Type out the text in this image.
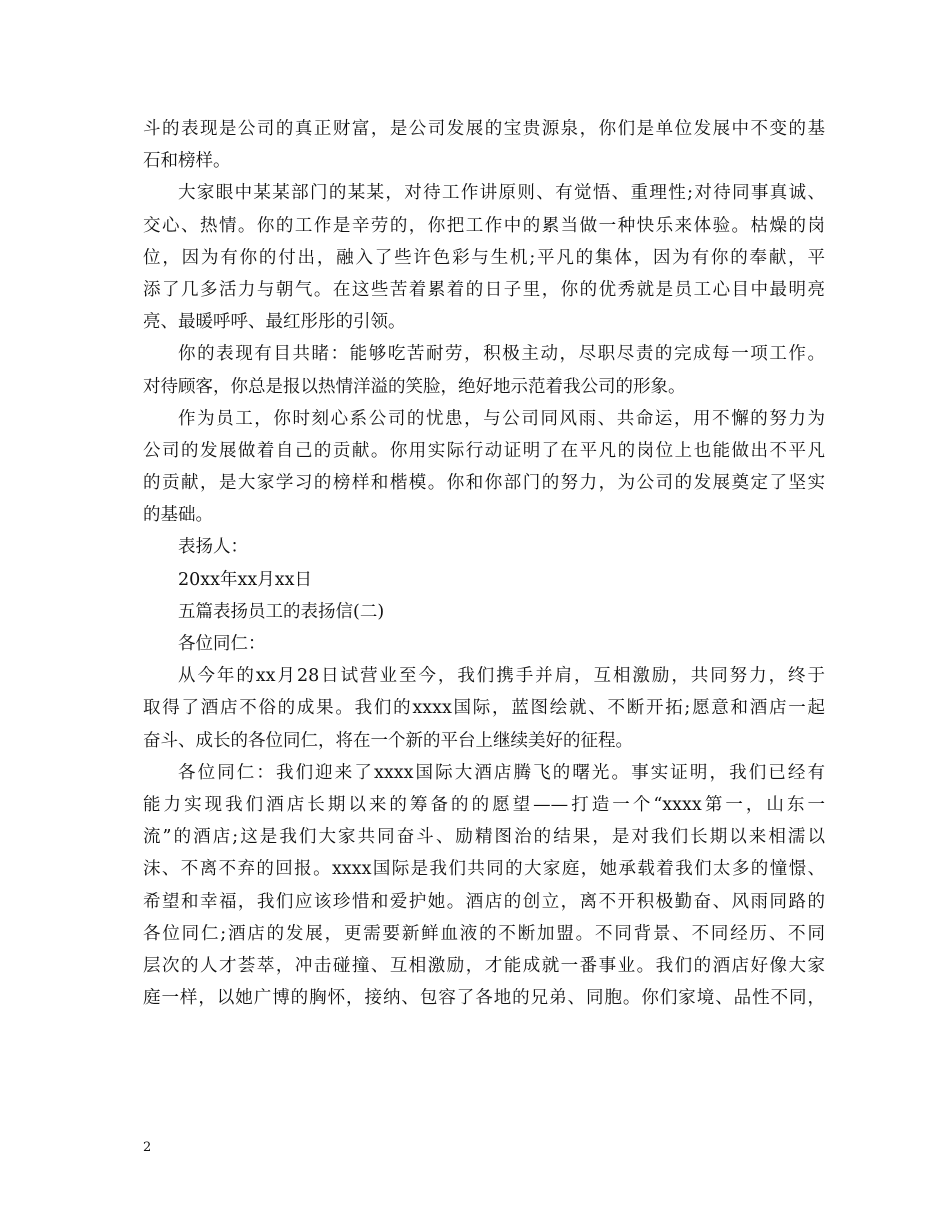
斗的表现是公司的真正财富，是公司发展的宝贵源泉，你们是单位发展中不变的基
石和榜样。
大家眼中某某部门的某某，对待工作讲原则、有觉悟、重理性;对待同事真诚、
交心、热情。你的工作是辛劳的，你把工作中的累当做一种快乐来体验。枯燥的岗
位，因为有你的付出，融入了些许色彩与生机;平凡的集体，因为有你的奉献，平
添了几多活力与朝气。在这些苦着累着的日子里，你的优秀就是员工心目中最明亮
亮、最暖呼呼、最红彤彤的引领。
你的表现有目共睹：能够吃苦耐劳，积极主动，尽职尽责的完成每一项工作。
对待顾客，你总是报以热情洋溢的笑脸，绝好地示范着我公司的形象。
作为员工，你时刻心系公司的忧患，与公司同风雨、共命运，用不懈的努力为
公司的发展做着自己的贡献。你用实际行动证明了在平凡的岗位上也能做出不平凡
的贡献，是大家学习的榜样和楷模。你和你部门的努力，为公司的发展奠定了坚实
的基础。
表扬人：
20xx年xx月xx日
五篇表扬员工的表扬信(二)
各位同仁：
从今年的xx月28日试营业至今，我们携手并肩，互相激励，共同努力，终于
取得了酒店不俗的成果。我们的xxxx国际，蓝图绘就、不断开拓;愿意和酒店一起
奋斗、成长的各位同仁，将在一个新的平台上继续美好的征程。
各位同仁：我们迎来了xxxx国际大酒店腾飞的曙光。事实证明，我们已经有
能力实现我们酒店长期以来的筹备的的愿望——打造一个“xxxx第一，山东一
流”的酒店;这是我们大家共同奋斗、励精图治的结果，是对我们长期以来相濡以
沫、不离不弃的回报。xxxx国际是我们共同的大家庭，她承载着我们太多的憧憬、
希望和幸福，我们应该珍惜和爱护她。酒店的创立，离不开积极勤奋、风雨同路的
各位同仁;酒店的发展，更需要新鲜血液的不断加盟。不同背景、不同经历、不同
层次的人才荟萃，冲击碰撞、互相激励，才能成就一番事业。我们的酒店好像大家
庭一样，以她广博的胸怀，接纳、包容了各地的兄弟、同胞。你们家境、品性不同，
2
